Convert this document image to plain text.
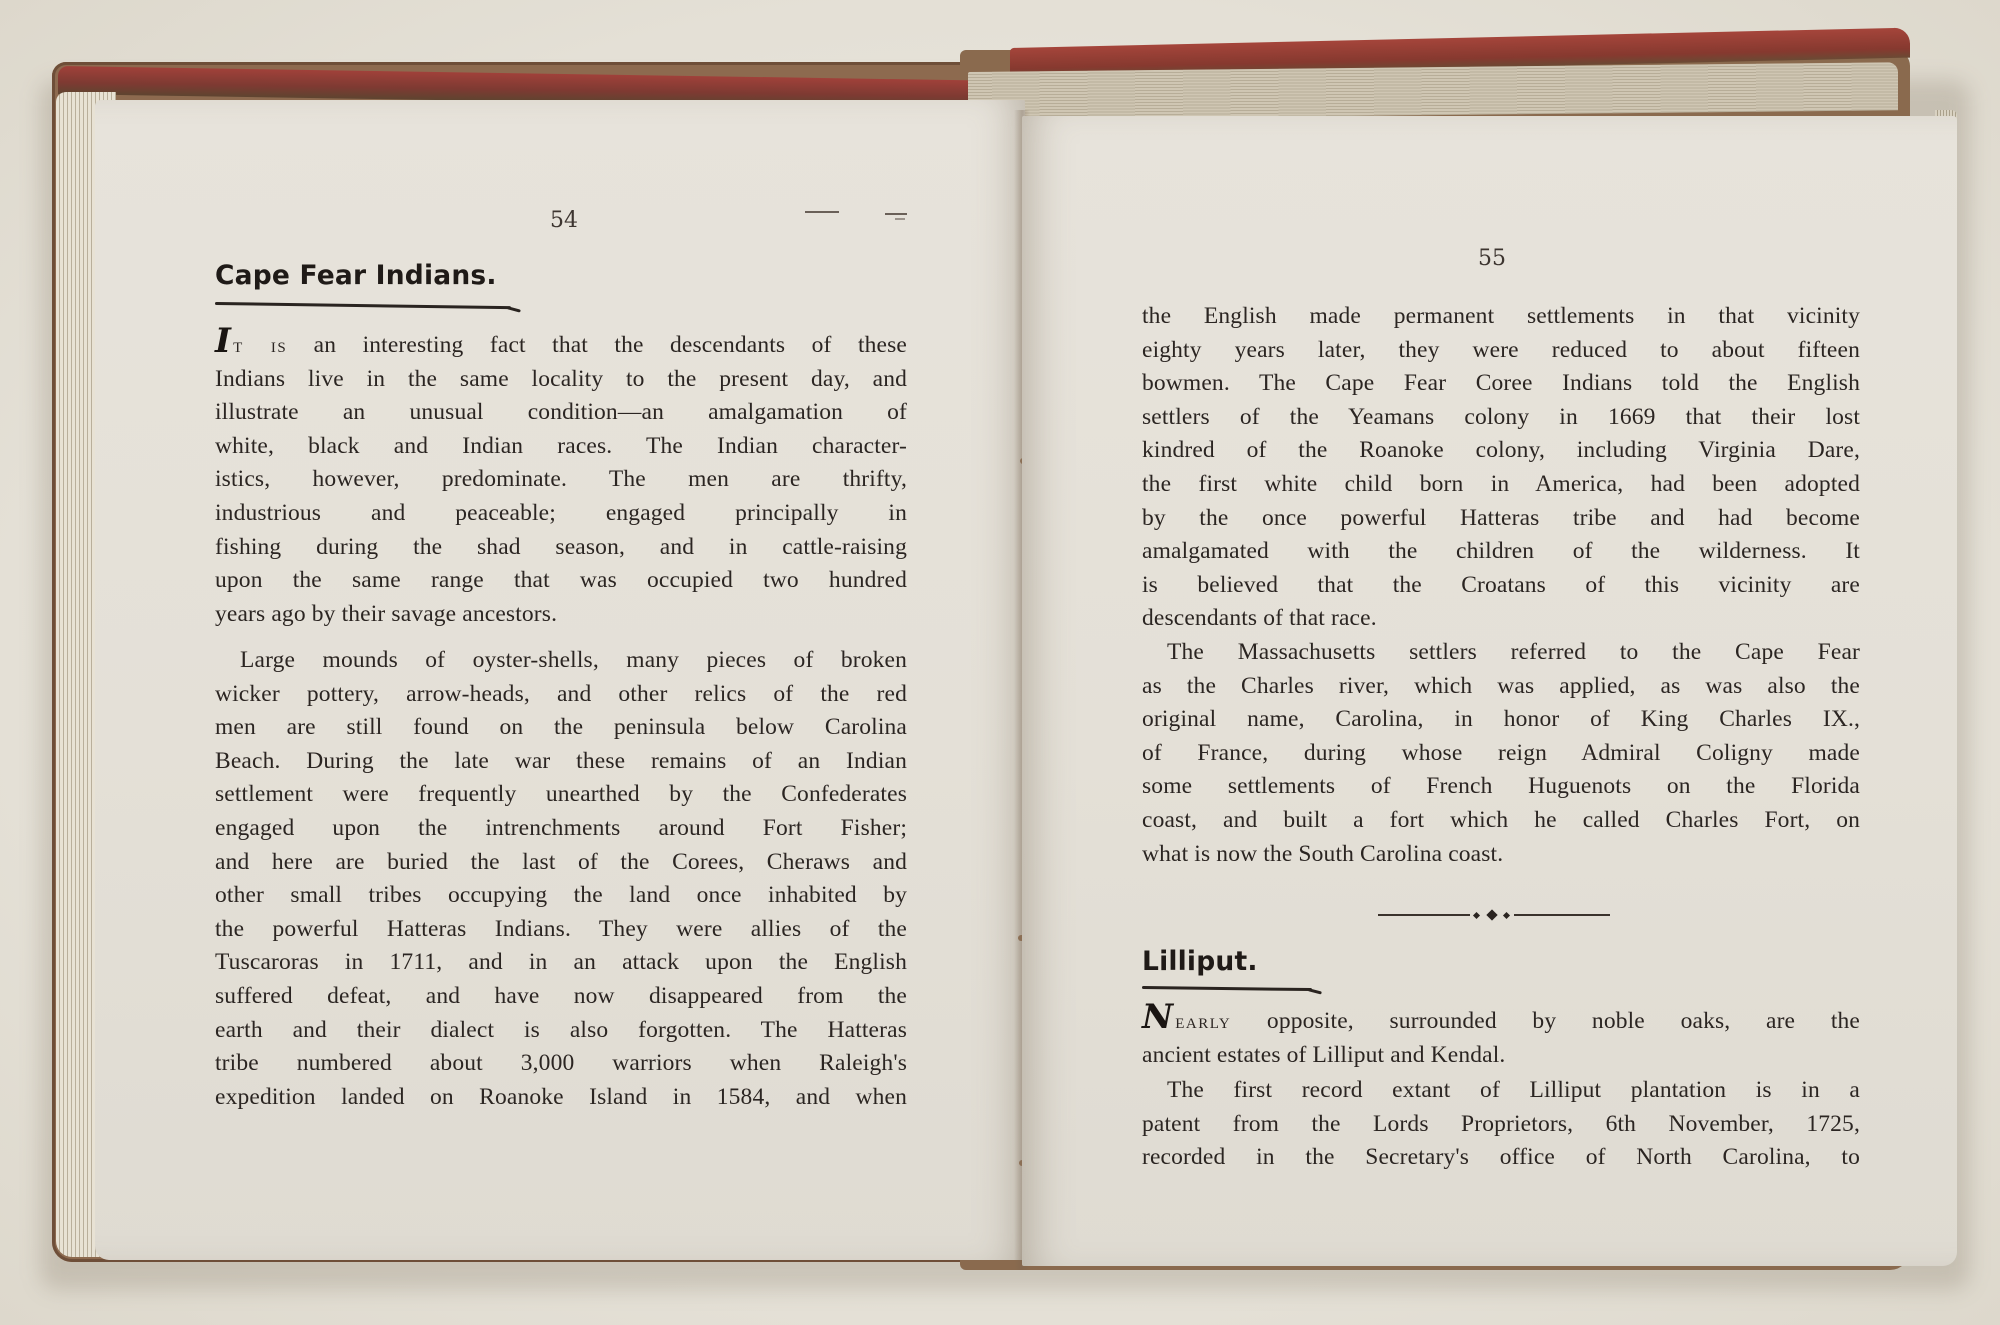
54
Cape Fear Indians.
It is an interesting fact that the descendants of these
Indians live in the same locality to the present day, and
illustrate an unusual condition—an amalgamation of
white, black and Indian races. The Indian character-
istics, however, predominate. The men are thrifty,
industrious and peaceable; engaged principally in
fishing during the shad season, and in cattle-raising
upon the same range that was occupied two hundred
years ago by their savage ancestors.
Large mounds of oyster-shells, many pieces of broken
wicker pottery, arrow-heads, and other relics of the red
men are still found on the peninsula below Carolina
Beach. During the late war these remains of an Indian
settlement were frequently unearthed by the Confederates
engaged upon the intrenchments around Fort Fisher;
and here are buried the last of the Corees, Cheraws and
other small tribes occupying the land once inhabited by
the powerful Hatteras Indians. They were allies of the
Tuscaroras in 1711, and in an attack upon the English
suffered defeat, and have now disappeared from the
earth and their dialect is also forgotten. The Hatteras
tribe numbered about 3,000 warriors when Raleigh's
expedition landed on Roanoke Island in 1584, and when
55
the English made permanent settlements in that vicinity
eighty years later, they were reduced to about fifteen
bowmen. The Cape Fear Coree Indians told the English
settlers of the Yeamans colony in 1669 that their lost
kindred of the Roanoke colony, including Virginia Dare,
the first white child born in America, had been adopted
by the once powerful Hatteras tribe and had become
amalgamated with the children of the wilderness. It
is believed that the Croatans of this vicinity are
descendants of that race.
The Massachusetts settlers referred to the Cape Fear
as the Charles river, which was applied, as was also the
original name, Carolina, in honor of King Charles IX.,
of France, during whose reign Admiral Coligny made
some settlements of French Huguenots on the Florida
coast, and built a fort which he called Charles Fort, on
what is now the South Carolina coast.
Lilliput.
Nearly opposite, surrounded by noble oaks, are the
ancient estates of Lilliput and Kendal.
The first record extant of Lilliput plantation is in a
patent from the Lords Proprietors, 6th November, 1725,
recorded in the Secretary's office of North Carolina, to
